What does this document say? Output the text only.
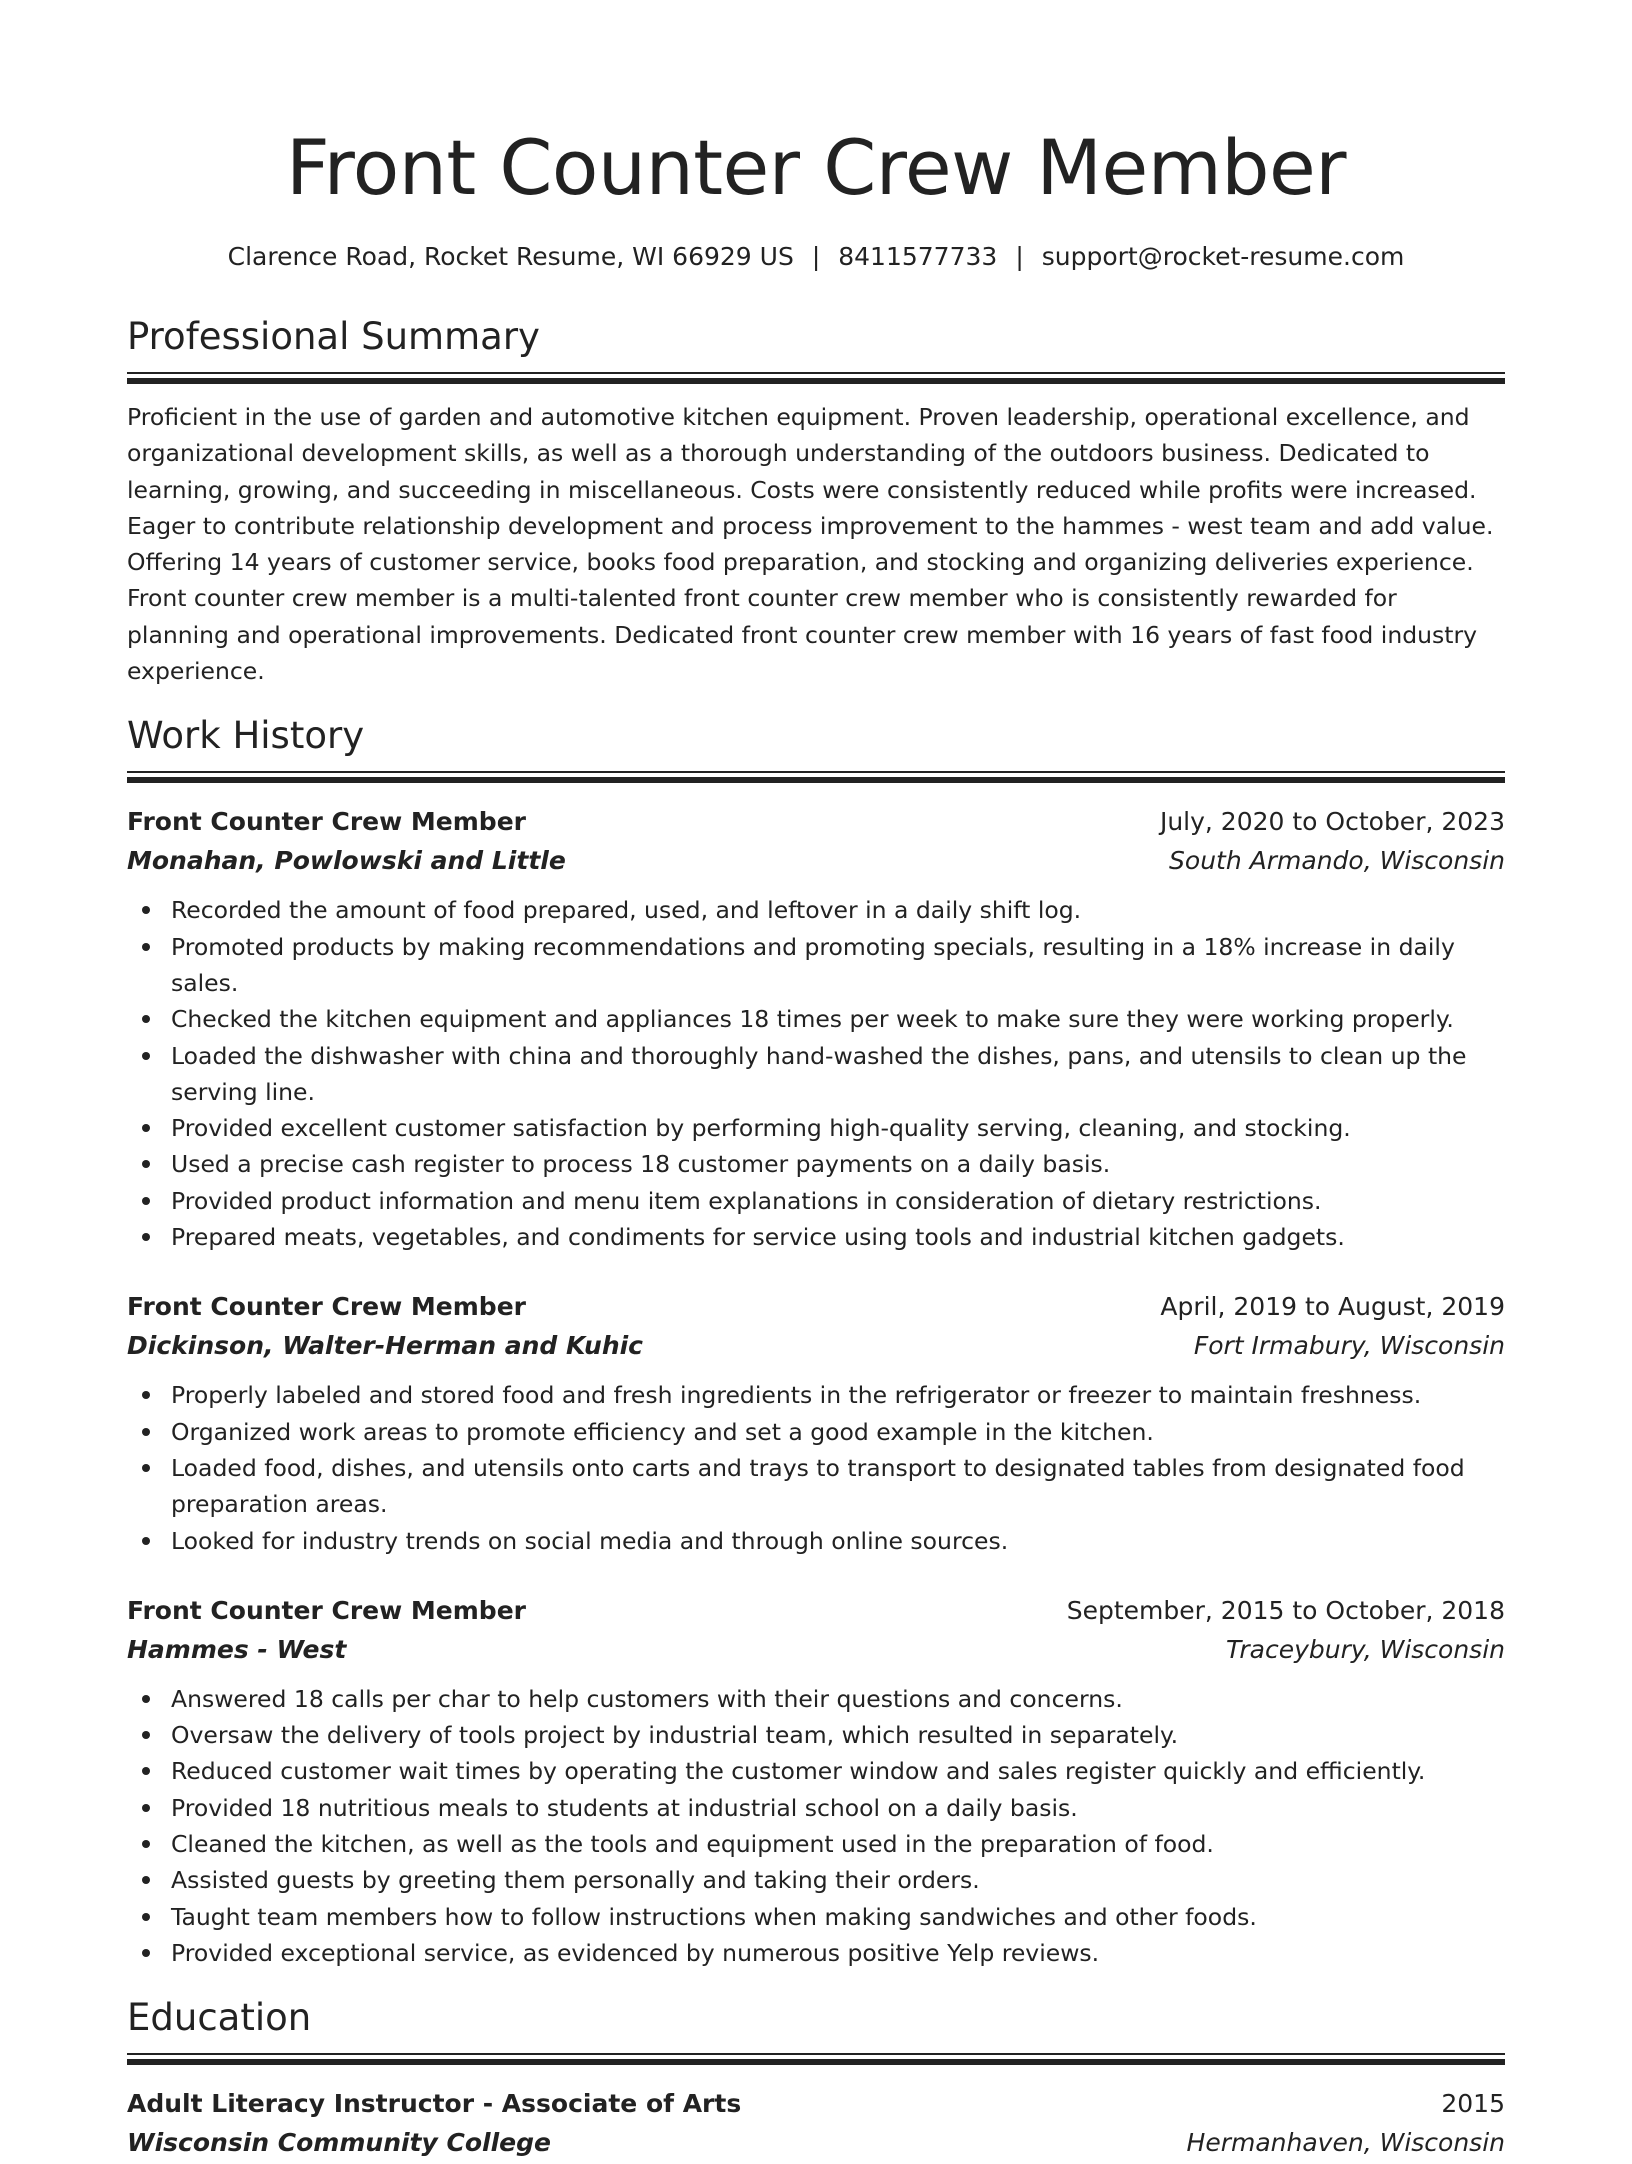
Front Counter Crew Member
Clarence Road, Rocket Resume, WI 66929 US | 8411577733 | support@rocket-resume.com
Professional Summary

Proficient in the use of garden and automotive kitchen equipment. Proven leadership, operational excellence, and organizational development skills, as well as a thorough understanding of the outdoors business. Dedicated to learning, growing, and succeeding in miscellaneous. Costs were consistently reduced while profits were increased. Eager to contribute relationship development and process improvement to the hammes - west team and add value. Offering 14 years of customer service, books food preparation, and stocking and organizing deliveries experience. Front counter crew member is a multi-talented front counter crew member who is consistently rewarded for planning and operational improvements. Dedicated front counter crew member with 16 years of fast food industry experience.

Work History
Front Counter Crew Member	July, 2020 to October, 2023
Monahan, Powlowski and Little	South Armando, Wisconsin
Recorded the amount of food prepared, used, and leftover in a daily shift log.
Promoted products by making recommendations and promoting specials, resulting in a 18% increase in daily sales.
Checked the kitchen equipment and appliances 18 times per week to make sure they were working properly.
Loaded the dishwasher with china and thoroughly hand-washed the dishes, pans, and utensils to clean up the serving line.
Provided excellent customer satisfaction by performing high-quality serving, cleaning, and stocking.
Used a precise cash register to process 18 customer payments on a daily basis.
Provided product information and menu item explanations in consideration of dietary restrictions.
Prepared meats, vegetables, and condiments for service using tools and industrial kitchen gadgets.
Front Counter Crew Member	April, 2019 to August, 2019
Dickinson, Walter-Herman and Kuhic	Fort Irmabury, Wisconsin
Properly labeled and stored food and fresh ingredients in the refrigerator or freezer to maintain freshness.
Organized work areas to promote efficiency and set a good example in the kitchen.
Loaded food, dishes, and utensils onto carts and trays to transport to designated tables from designated food preparation areas.
Looked for industry trends on social media and through online sources.
Front Counter Crew Member	September, 2015 to October, 2018
Hammes - West	Traceybury, Wisconsin
Answered 18 calls per char to help customers with their questions and concerns.
Oversaw the delivery of tools project by industrial team, which resulted in separately.
Reduced customer wait times by operating the customer window and sales register quickly and efficiently.
Provided 18 nutritious meals to students at industrial school on a daily basis.
Cleaned the kitchen, as well as the tools and equipment used in the preparation of food.
Assisted guests by greeting them personally and taking their orders.
Taught team members how to follow instructions when making sandwiches and other foods.
Provided exceptional service, as evidenced by numerous positive Yelp reviews.
Education
Adult Literacy Instructor - Associate of Arts	2015
Wisconsin Community College	Hermanhaven, Wisconsin
